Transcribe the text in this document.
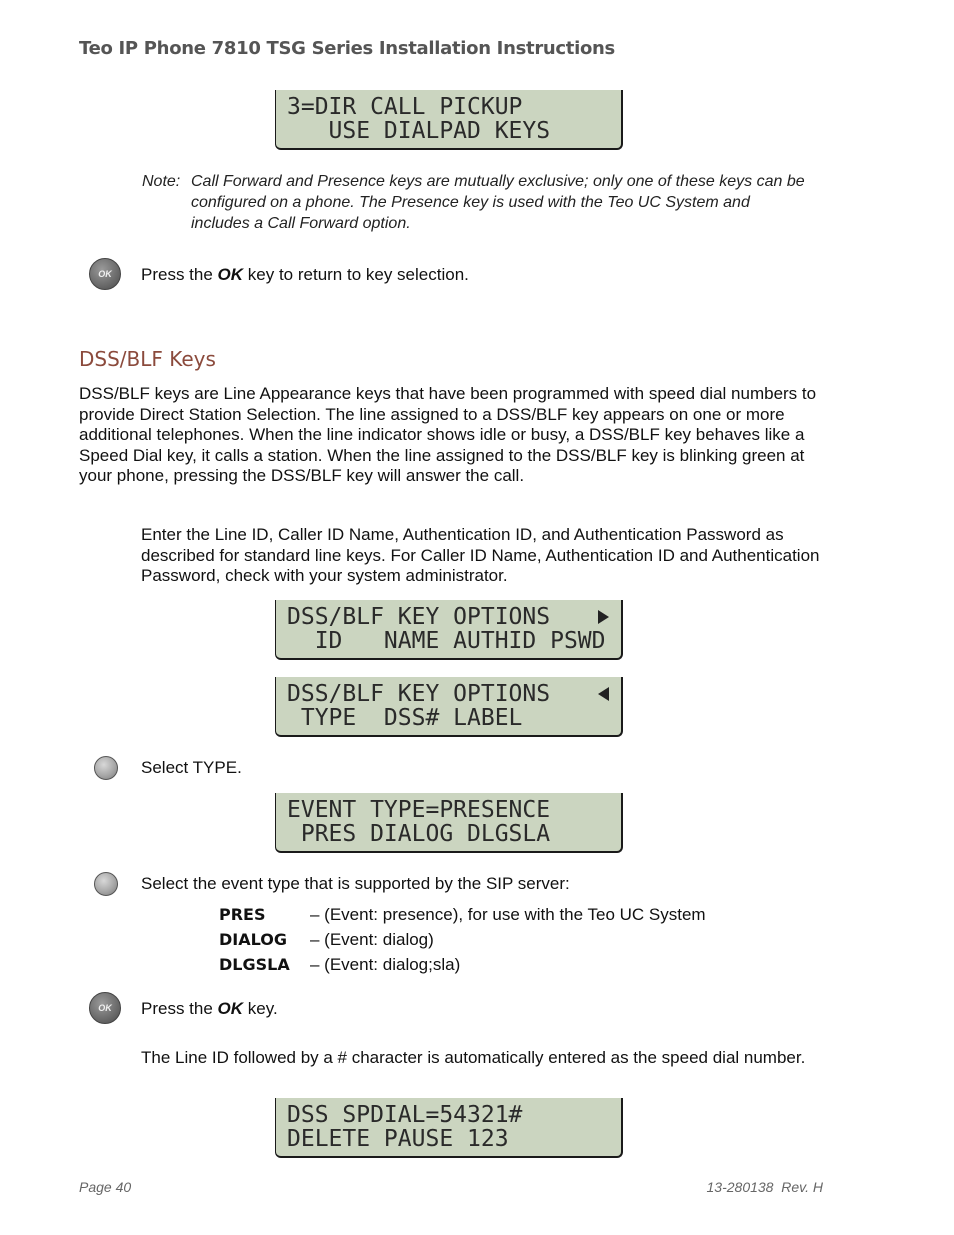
Teo IP Phone 7810 TSG Series Installation Instructions
3=DIR CALL PICKUP
USE DIALPAD KEYS
Note: Call Forward and Presence keys are mutually exclusive; only one of these keys can be configured on a phone. The Presence key is used with the Teo UC System and includes a Call Forward option.
OK Press the OK key to return to key selection.
DSS/BLF Keys
DSS/BLF keys are Line Appearance keys that have been programmed with speed dial numbers to provide Direct Station Selection. The line assigned to a DSS/BLF key appears on one or more additional telephones. When the line indicator shows idle or busy, a DSS/BLF key behaves like a Speed Dial key, it calls a station. When the line assigned to the DSS/BLF key is blinking green at your phone, pressing the DSS/BLF key will answer the call.
Enter the Line ID, Caller ID Name, Authentication ID, and Authentication Password as described for standard line keys. For Caller ID Name, Authentication ID and Authentication Password, check with your system administrator.
DSS/BLF KEY OPTIONS
ID   NAME AUTHID PSWD
DSS/BLF KEY OPTIONS
TYPE  DSS# LABEL
Select TYPE.
EVENT TYPE=PRESENCE
PRES DIALOG DLGSLA
Select the event type that is supported by the SIP server:
PRES	– (Event: presence), for use with the Teo UC System
DIALOG – (Event: dialog)
DLGSLA – (Event: dialog;sla)
OK Press the OK key.
The Line ID followed by a # character is automatically entered as the speed dial number.
DSS SPDIAL=54321#
DELETE PAUSE 123
Page 40	13-280138  Rev. H
